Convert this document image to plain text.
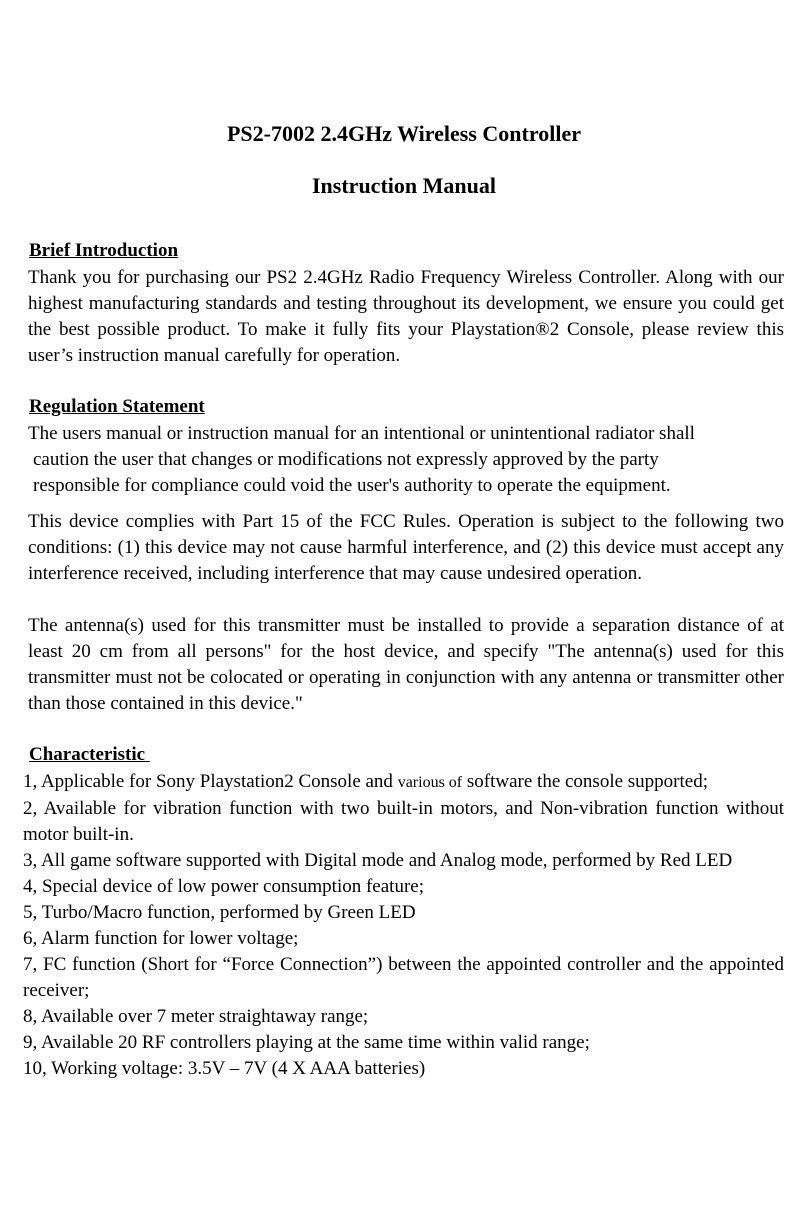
PS2-7002 2.4GHz Wireless Controller
Instruction Manual
Brief Introduction

Thank you for purchasing our PS2 2.4GHz Radio Frequency Wireless Controller. Along with our highest manufacturing standards and testing throughout its development, we ensure you could get the best possible product. To make it fully fits your Playstation®2 Console, please review this user’s instruction manual carefully for operation.

Regulation Statement

The users manual or instruction manual for an intentional or unintentional radiator shall
caution the user that changes or modifications not expressly approved by the party
responsible for compliance could void the user's authority to operate the equipment.

This device complies with Part 15 of the FCC Rules. Operation is subject to the following two conditions: (1) this device may not cause harmful interference, and (2) this device must accept any interference received, including interference that may cause undesired operation.

The antenna(s) used for this transmitter must be installed to provide a separation distance of at least 20 cm from all persons" for the host device, and specify "The antenna(s) used for this transmitter must not be colocated or operating in conjunction with any antenna or transmitter other than those contained in this device."

Characteristic
1, Applicable for Sony Playstation2 Console and various of software the console supported;
2, Available for vibration function with two built-in motors, and Non-vibration function without motor built-in.
3, All game software supported with Digital mode and Analog mode, performed by Red LED
4, Special device of low power consumption feature;
5, Turbo/Macro function, performed by Green LED
6, Alarm function for lower voltage;
7, FC function (Short for “Force Connection”) between the appointed controller and the appointed receiver;
8, Available over 7 meter straightaway range;
9, Available 20 RF controllers playing at the same time within valid range;
10, Working voltage: 3.5V – 7V (4 X AAA batteries)
